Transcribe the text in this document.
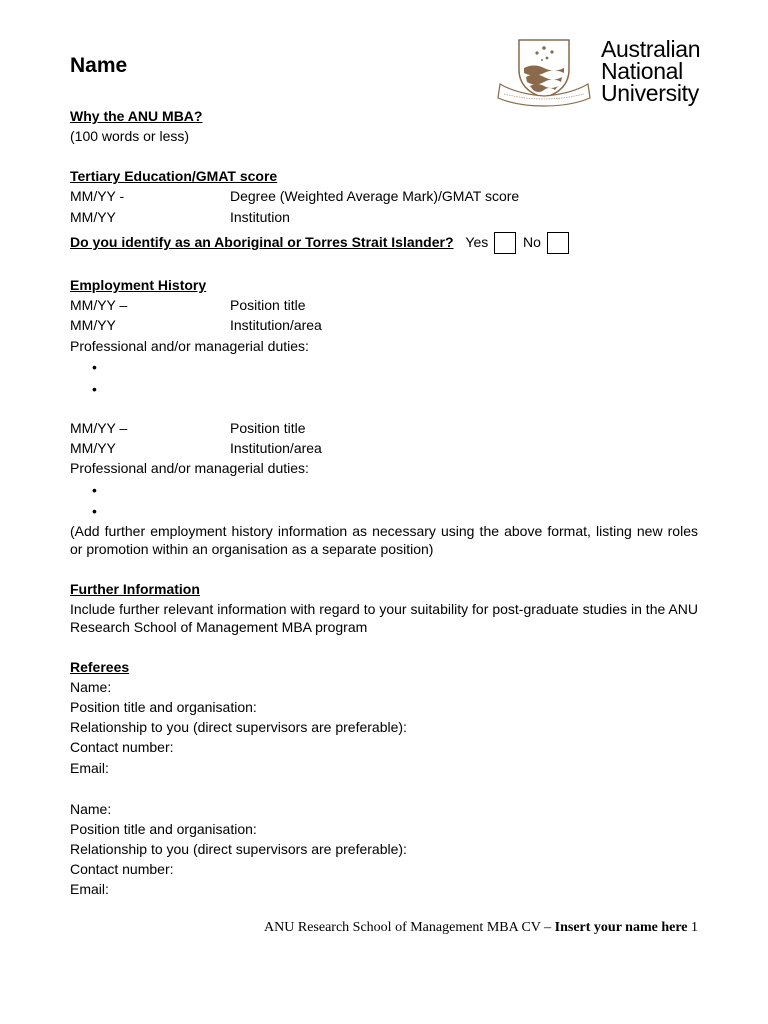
Name
Australian
National
University
Why the ANU MBA?
(100 words or less)
Tertiary Education/GMAT score
MM/YY -	Degree (Weighted Average Mark)/GMAT score
MM/YY	Institution
Do you identify as an Aboriginal or Torres Strait Islander? Yes No
Employment History
MM/YY –	Position title
MM/YY	Institution/area
Professional and/or managerial duties:
•
•
MM/YY –	Position title
MM/YY	Institution/area
Professional and/or managerial duties:
•
•
(Add further employment history information as necessary using the above format, listing new roles or promotion within an organisation as a separate position)
Further Information
Include further relevant information with regard to your suitability for post-graduate studies in the ANU Research School of Management MBA program
Referees
Name:
Position title and organisation:
Relationship to you (direct supervisors are preferable):
Contact number:
Email:
Name:
Position title and organisation:
Relationship to you (direct supervisors are preferable):
Contact number:
Email:
ANU Research School of Management MBA CV – Insert your name here 1
